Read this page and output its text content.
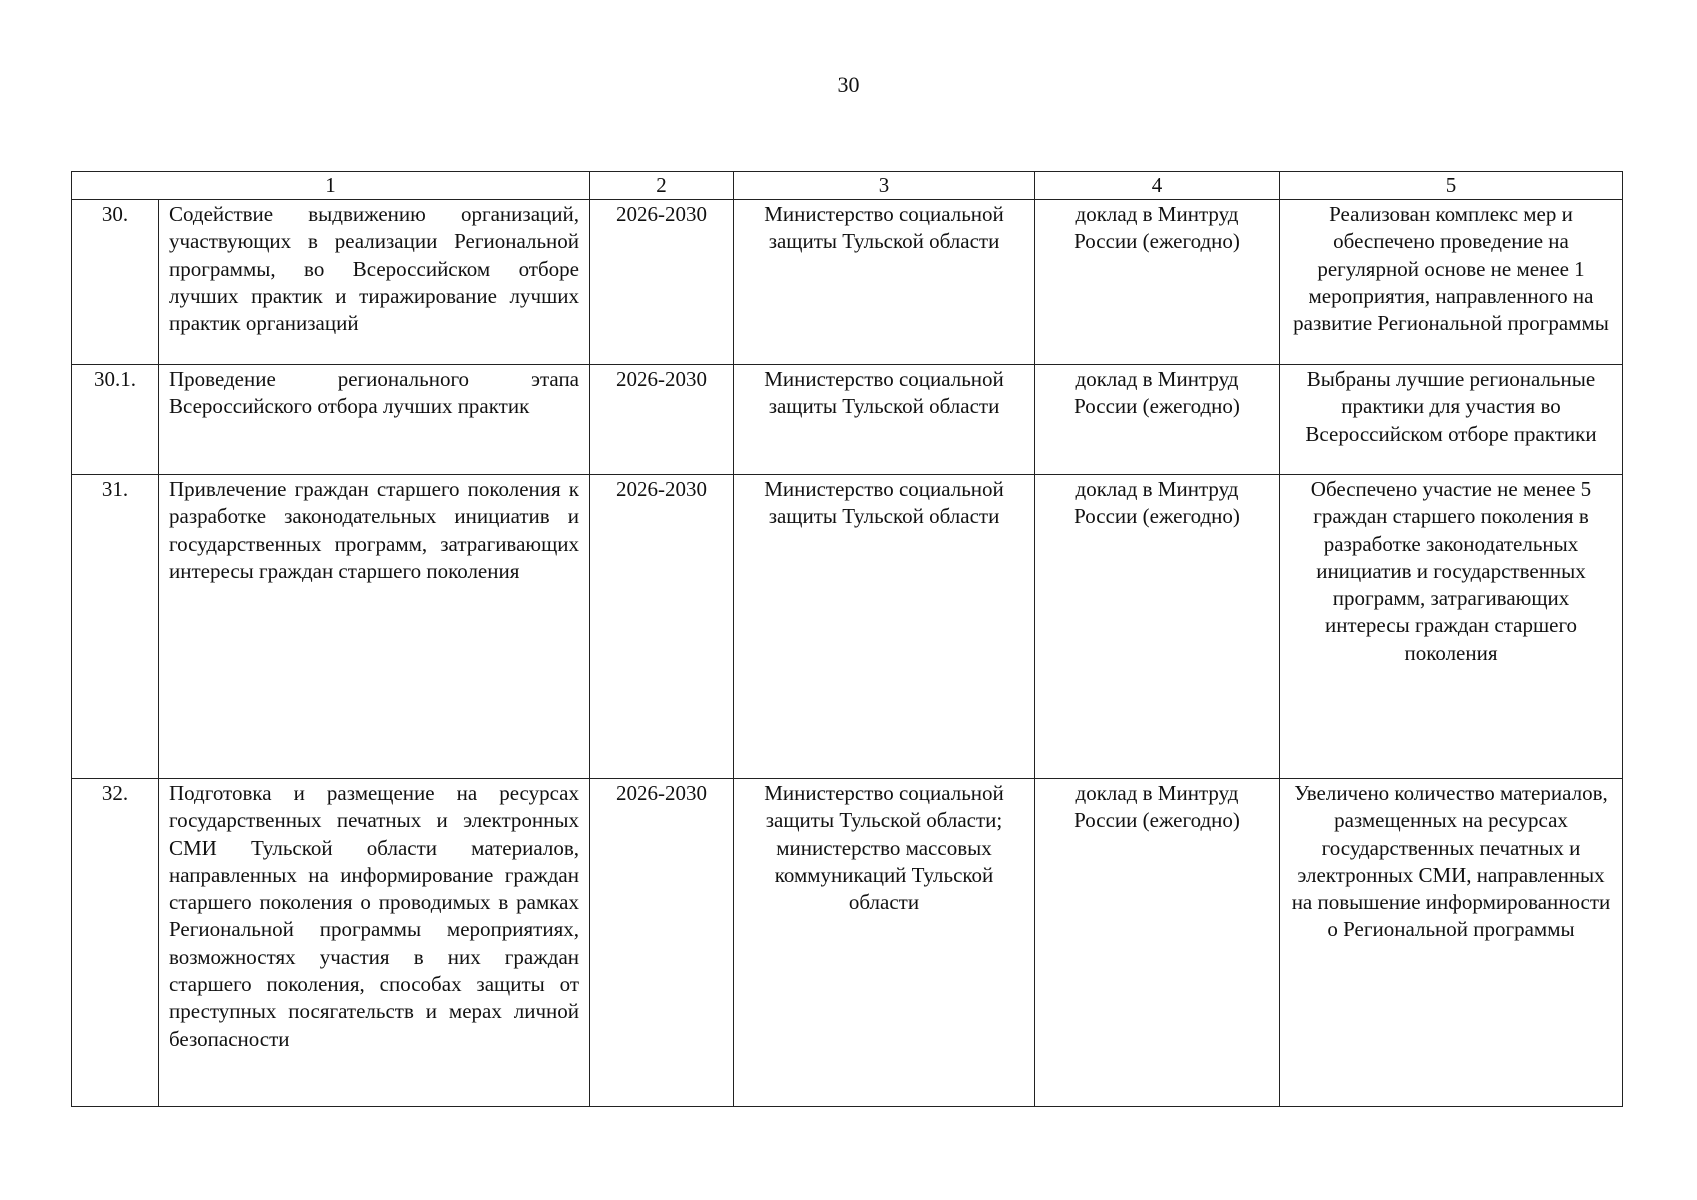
30
1		2	3	4	5
30.	Содействие выдвижению организаций, участвующих в реализации Региональной программы, во Всероссийском отборе лучших практик и тиражирование лучших практик организаций	2026-2030	Министерство социальной защиты Тульской области	доклад в Минтруд России (ежегодно)	Реализован комплекс мер и обеспечено проведение на регулярной основе не менее 1 мероприятия, направленного на развитие Региональной программы
30.1.	Проведение регионального этапа Всероссийского отбора лучших практик	2026-2030	Министерство социальной защиты Тульской области	доклад в Минтруд России (ежегодно)	Выбраны лучшие региональные практики для участия во Всероссийском отборе практики
31.	Привлечение граждан старшего поколения к разработке законодательных инициатив и государственных программ, затрагивающих интересы граждан старшего поколения	2026-2030	Министерство социальной защиты Тульской области	доклад в Минтруд России (ежегодно)	Обеспечено участие не менее 5 граждан старшего поколения в разработке законодательных инициатив и государственных программ, затрагивающих интересы граждан старшего поколения
32.	Подготовка и размещение на ресурсах государственных печатных и электронных СМИ Тульской области материалов, направленных на информирование граждан старшего поколения о проводимых в рамках Региональной программы мероприятиях, возможностях участия в них граждан старшего поколения, способах защиты от преступных посягательств и мерах личной безопасности	2026-2030	Министерство социальной защиты Тульской области; министерство массовых коммуникаций Тульской области	доклад в Минтруд России (ежегодно)	Увеличено количество материалов, размещенных на ресурсах государственных печатных и электронных СМИ, направленных на повышение информированности о Региональной программы
